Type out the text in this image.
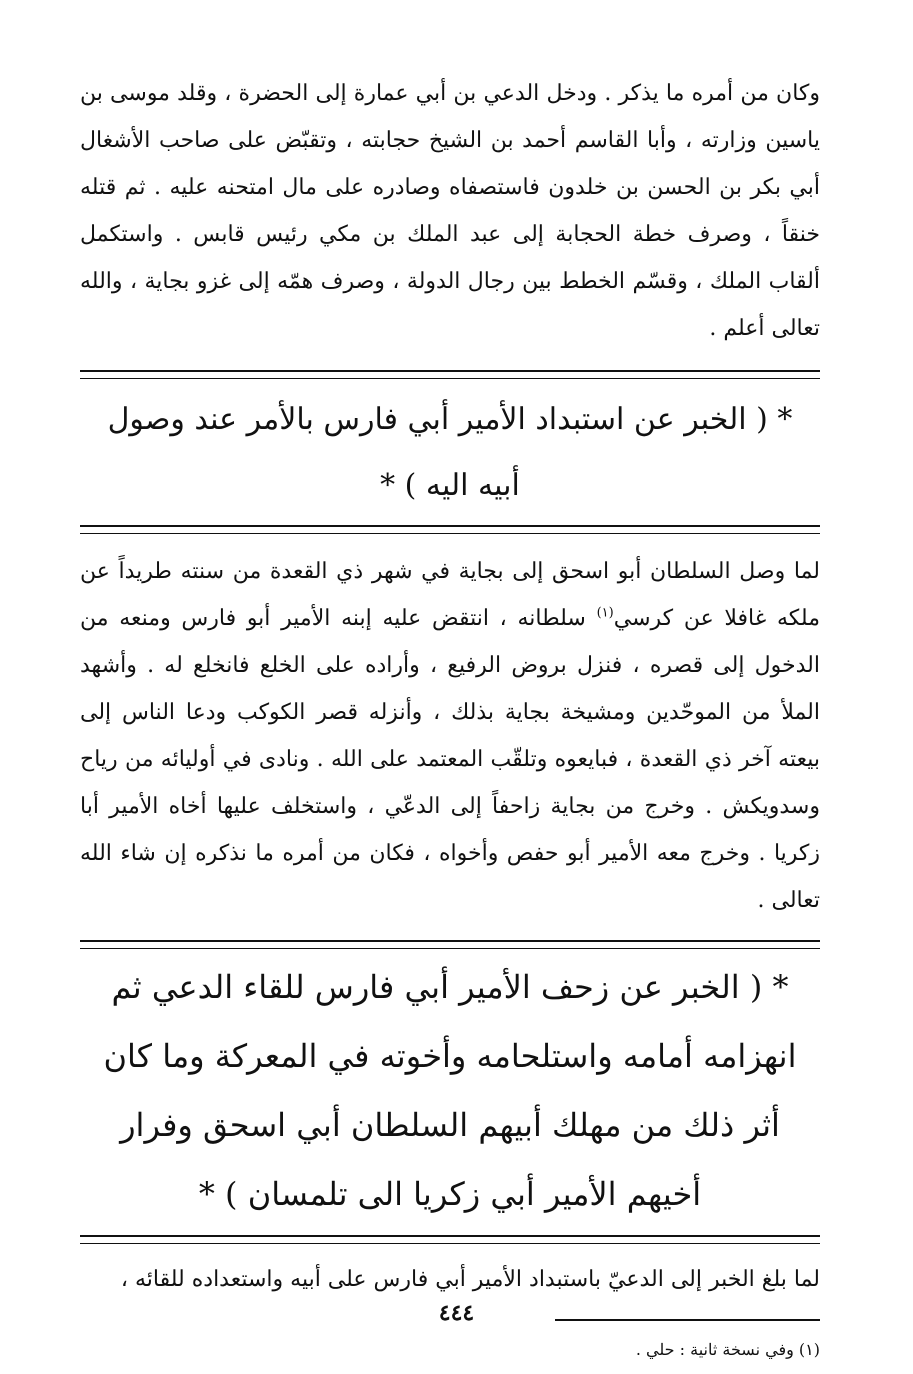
وكان من أمره ما يذكر . ودخل الدعي بن أبي عمارة إلى الحضرة ، وقلد موسى بن ياسين وزارته ، وأبا القاسم أحمد بن الشيخ حجابته ، وتقبّض على صاحب الأشغال أبي بكر بن الحسن بن خلدون فاستصفاه وصادره على مال امتحنه عليه . ثم قتله خنقاً ، وصرف خطة الحجابة إلى عبد الملك بن مكي رئيس قابس . واستكمل ألقاب الملك ، وقسّم الخطط بين رجال الدولة ، وصرف همّه إلى غزو بجاية ، والله تعالى أعلم .

* ( الخبر عن استبداد الأمير أبي فارس بالأمر عند وصول أبيه اليه ) *

لما وصل السلطان أبو اسحق إلى بجاية في شهر ذي القعدة من سنته طريداً عن ملكه غافلا عن كرسي$^{(١)}$ سلطانه ، انتقض عليه إبنه الأمير أبو فارس ومنعه من الدخول إلى قصره ، فنزل بروض الرفيع ، وأراده على الخلع فانخلع له . وأشهد الملأ من الموحّدين ومشيخة بجاية بذلك ، وأنزله قصر الكوكب ودعا الناس إلى بيعته آخر ذي القعدة ، فبايعوه وتلقّب المعتمد على الله . ونادى في أوليائه من رياح وسدويكش . وخرج من بجاية زاحفاً إلى الدعّي ، واستخلف عليها أخاه الأمير أبا زكريا . وخرج معه الأمير أبو حفص وأخواه ، فكان من أمره ما نذكره إن شاء الله تعالى .

* ( الخبر عن زحف الأمير أبي فارس للقاء الدعي ثم انهزامه أمامه واستلحامه وأخوته في المعركة وما كان أثر ذلك من مهلك أبيهم السلطان أبي اسحق وفرار أخيهم الأمير أبي زكريا الى تلمسان ) *

لما بلغ الخبر إلى الدعيّ باستبداد الأمير أبي فارس على أبيه واستعداده للقائه ،

(١) وفي نسخة ثانية : حلي .

٤٤٤
